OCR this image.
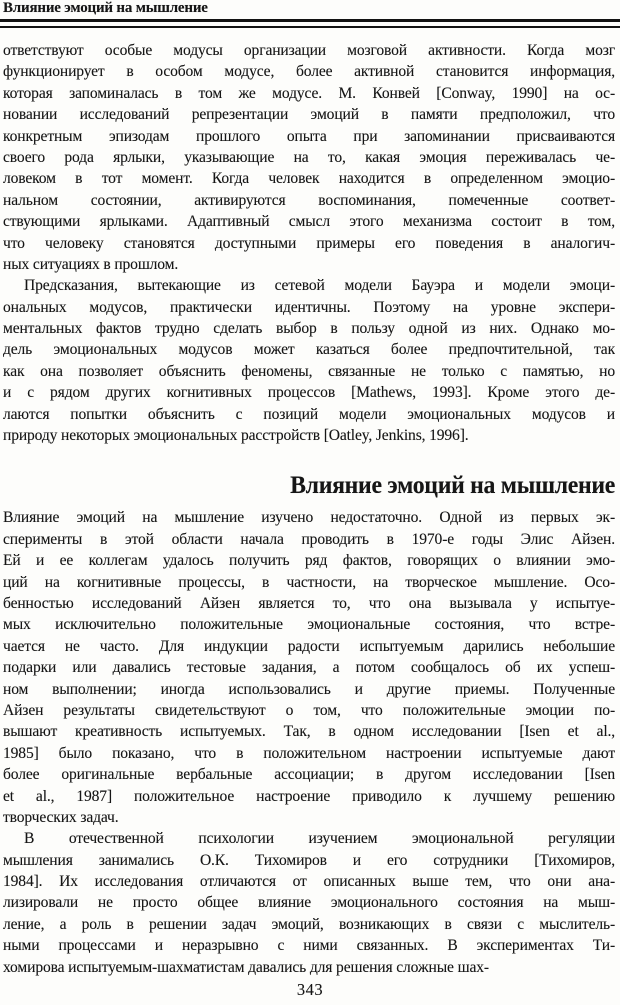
Влияние эмоций на мышление
ответствуют особые модусы организации мозговой активности. Когда мозг
функционирует в особом модусе, более активной становится информация,
которая запоминалась в том же модусе. М. Конвей [Conway, 1990] на ос-
новании исследований репрезентации эмоций в памяти предположил, что
конкретным эпизодам прошлого опыта при запоминании присваиваются
своего рода ярлыки, указывающие на то, какая эмоция переживалась че-
ловеком в тот момент. Когда человек находится в определенном эмоцио-
нальном состоянии, активируются воспоминания, помеченные соответ-
ствующими ярлыками. Адаптивный смысл этого механизма состоит в том,
что человеку становятся доступными примеры его поведения в аналогич-
ных ситуациях в прошлом.
Предсказания, вытекающие из сетевой модели Бауэра и модели эмоци-
ональных модусов, практически идентичны. Поэтому на уровне экспери-
ментальных фактов трудно сделать выбор в пользу одной из них. Однако мо-
дель эмоциональных модусов может казаться более предпочтительной, так
как она позволяет объяснить феномены, связанные не только с памятью, но
и с рядом других когнитивных процессов [Mathews, 1993]. Кроме этого де-
лаются попытки объяснить с позиций модели эмоциональных модусов и
природу некоторых эмоциональных расстройств [Oatley, Jenkins, 1996].
Влияние эмоций на мышление
Влияние эмоций на мышление изучено недостаточно. Одной из первых эк-
сперименты в этой области начала проводить в 1970-е годы Элис Айзен.
Ей и ее коллегам удалось получить ряд фактов, говорящих о влиянии эмо-
ций на когнитивные процессы, в частности, на творческое мышление. Осо-
бенностью исследований Айзен является то, что она вызывала у испытуе-
мых исключительно положительные эмоциональные состояния, что встре-
чается не часто. Для индукции радости испытуемым дарились небольшие
подарки или давались тестовые задания, а потом сообщалось об их успеш-
ном выполнении; иногда использовались и другие приемы. Полученные
Айзен результаты свидетельствуют о том, что положительные эмоции по-
вышают креативность испытуемых. Так, в одном исследовании [Isen et al.,
1985] было показано, что в положительном настроении испытуемые дают
более оригинальные вербальные ассоциации; в другом исследовании [Isen
et al., 1987] положительное настроение приводило к лучшему решению
творческих задач.
В отечественной психологии изучением эмоциональной регуляции
мышления занимались О.К. Тихомиров и его сотрудники [Тихомиров,
1984]. Их исследования отличаются от описанных выше тем, что они ана-
лизировали не просто общее влияние эмоционального состояния на мыш-
ление, а роль в решении задач эмоций, возникающих в связи с мыслитель-
ными процессами и неразрывно с ними связанных. В экспериментах Ти-
хомирова испытуемым-шахматистам давались для решения сложные шах-
343
